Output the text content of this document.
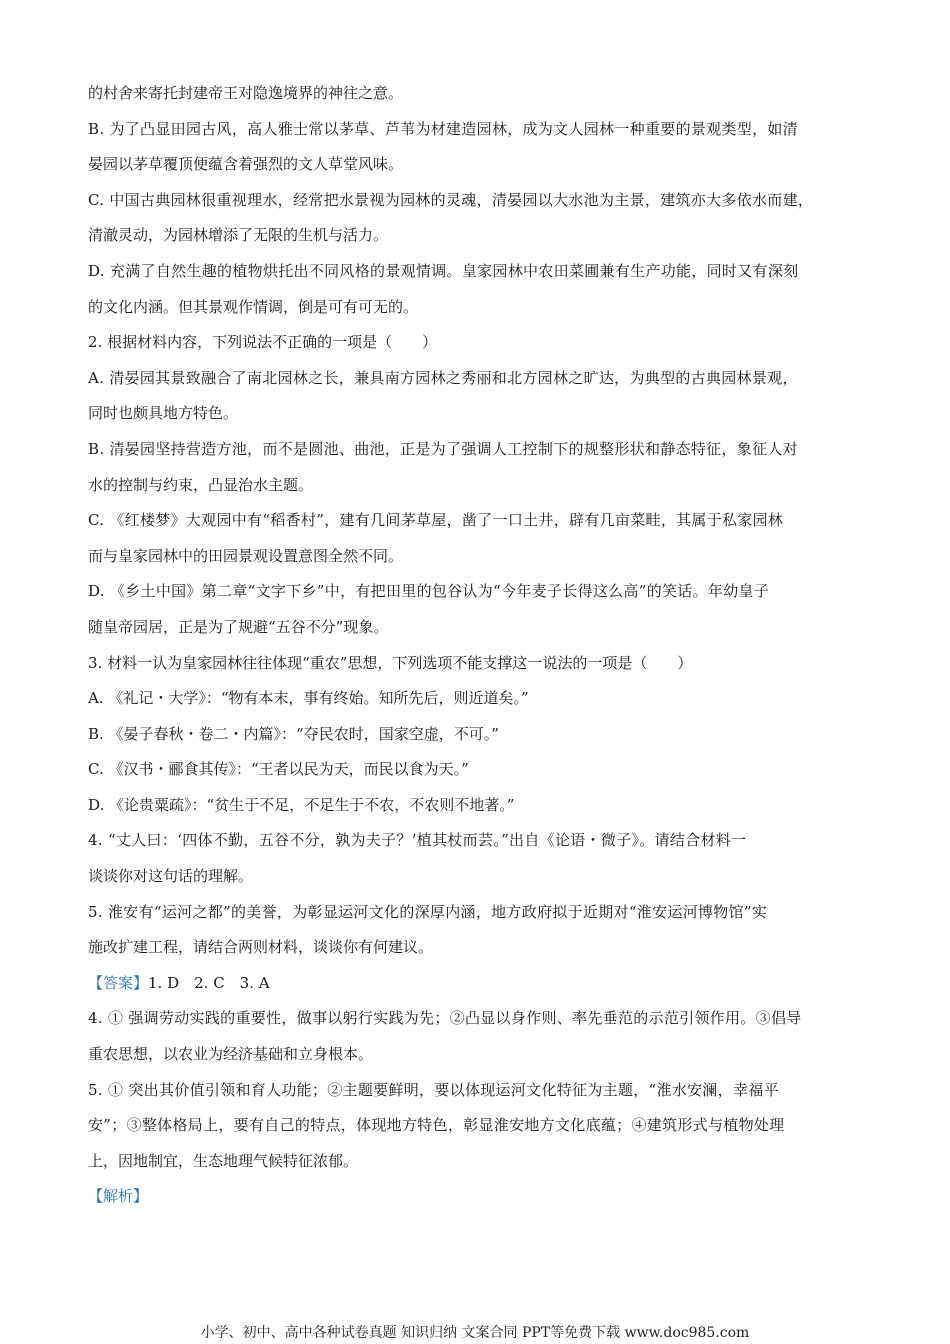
的村舍来寄托封建帝王对隐逸境界的神往之意。
B. 为了凸显田园古风，高人雅士常以茅草、芦苇为材建造园林，成为文人园林一种重要的景观类型，如清
晏园以茅草覆顶便蕴含着强烈的文人草堂风味。
C. 中国古典园林很重视理水，经常把水景视为园林的灵魂，清晏园以大水池为主景，建筑亦大多依水而建，
清澈灵动，为园林增添了无限的生机与活力。
D. 充满了自然生趣的植物烘托出不同风格的景观情调。皇家园林中农田菜圃兼有生产功能，同时又有深刻
的文化内涵。但其景观作情调，倒是可有可无的。
2. 根据材料内容，下列说法不正确的一项是（　　）
A. 清晏园其景致融合了南北园林之长，兼具南方园林之秀丽和北方园林之旷达，为典型的古典园林景观，
同时也颇具地方特色。
B. 清晏园坚持营造方池，而不是圆池、曲池，正是为了强调人工控制下的规整形状和静态特征，象征人对
水的控制与约束，凸显治水主题。
C. 《红楼梦》大观园中有“稻香村”，建有几间茅草屋，凿了一口土井，辟有几亩菜畦，其属于私家园林
而与皇家园林中的田园景观设置意图全然不同。
D. 《乡土中国》第二章“文字下乡”中，有把田里的包谷认为“今年麦子长得这么高”的笑话。年幼皇子
随皇帝园居，正是为了规避“五谷不分”现象。
3. 材料一认为皇家园林往往体现“重农”思想，下列选项不能支撑这一说法的一项是（　　）
A. 《礼记・大学》：“物有本末，事有终始。知所先后，则近道矣。”
B. 《晏子春秋・卷二・内篇》：“夺民农时，国家空虚，不可。”
C. 《汉书・郦食其传》：“王者以民为天，而民以食为天。”
D. 《论贵粟疏》：“贫生于不足，不足生于不农，不农则不地著。”
4. “丈人曰：‘四体不勤，五谷不分，孰为夫子？’植其杖而芸。”出自《论语・微子》。请结合材料一
谈谈你对这句话的理解。
5. 淮安有“运河之都”的美誉，为彰显运河文化的深厚内涵，地方政府拟于近期对“淮安运河博物馆”实
施改扩建工程，请结合两则材料，谈谈你有何建议。
【答案】1. D　2. C　3. A
4. ① 强调劳动实践的重要性，做事以躬行实践为先；②凸显以身作则、率先垂范的示范引领作用。③倡导
重农思想，以农业为经济基础和立身根本。
5. ① 突出其价值引领和育人功能；②主题要鲜明，要以体现运河文化特征为主题，“淮水安澜，幸福平
安”；③整体格局上，要有自己的特点，体现地方特色，彰显淮安地方文化底蕴；④建筑形式与植物处理
上，因地制宜，生态地理气候特征浓郁。
【解析】
小学、初中、高中各种试卷真题 知识归纳 文案合同 PPT等免费下载 www.doc985.com
